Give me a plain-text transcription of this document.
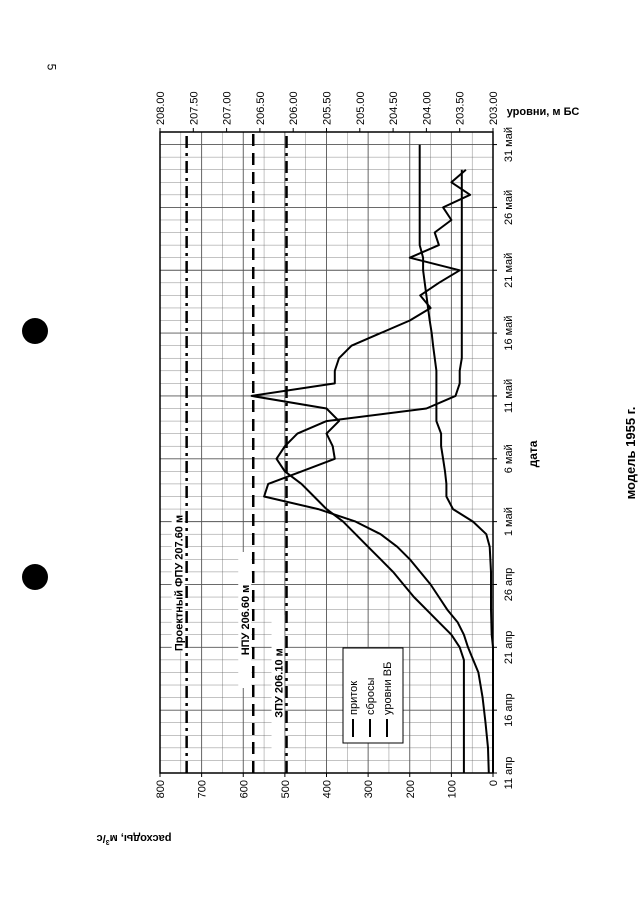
5
Проектный ФПУ 207.60 м	НПУ 206.60 м
ЗПУ 206.10 м
11 апр
16 апр
21 апр
26 апр
1 май
6 май
11 май
16 май
21 май
26 май
31 май
0
100
200
300
400
500
600
700
800
203.00
203.50
204.00
204.50
205.00
205.50
206.00
206.50
207.00
207.50
208.00
модель 1955 г.
дата
расходы, $м^3/с$
уровни, м БС
приток сбросы уровни ВБ
